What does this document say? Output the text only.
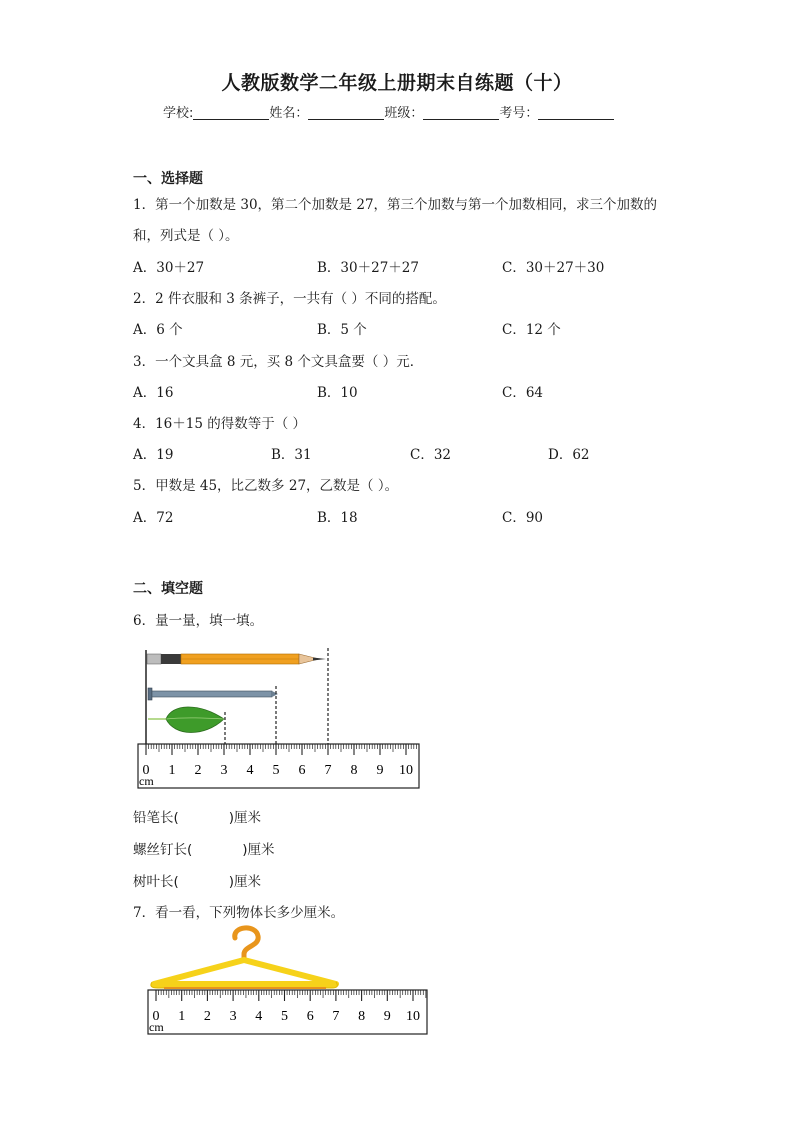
人教版数学二年级上册期末自练题（十）
学校:	姓名：	班级：	考号：
一、选择题
1．第一个加数是 30，第二个加数是 27，第三个加数与第一个加数相同，求三个加数的
和，列式是（ ）。
A．30＋27	B．30＋27＋27	C．30＋27＋30
2．2 件衣服和 3 条裤子，一共有（ ）不同的搭配。
A．6 个	B．5 个	C．12 个
3．一个文具盒 8 元，买 8 个文具盒要（ ）元．
A．16	B．10	C．64
4．16＋15 的得数等于（ ）
A．19	B．31	C．32	D．62
5．甲数是 45，比乙数多 27，乙数是（ ）。
A．72	B．18	C．90
二、填空题
6．量一量，填一填。
0 1 2 3 4 5 6 7 8 9 10
cm
铅笔长(	)厘米
螺丝钉长(	)厘米
树叶长(	)厘米
7．看一看，下列物体长多少厘米。
0 1 2 3 4 5 6 7 8 9 10
cm
